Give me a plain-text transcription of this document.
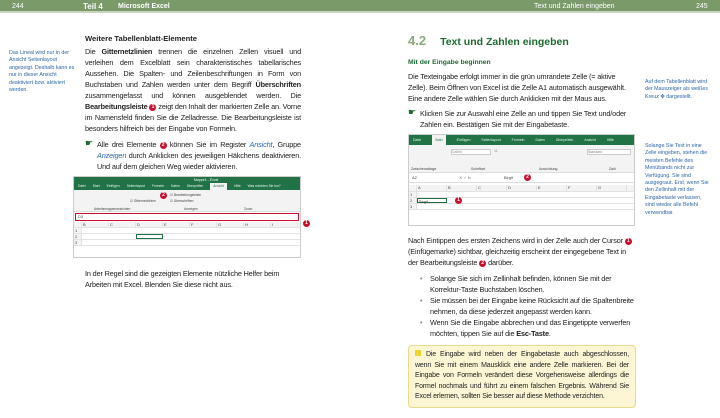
244	Teil 4 Microsoft Excel	Text und Zahlen eingeben	245
Das Lineal wird nur in der Ansicht Seitenlayout angezeigt. Deshalb kann es nur in dieser Ansicht deaktiviert bzw. aktiviert werden.
Weitere Tabellenblatt-Elemente
Die Gitternetzlinien trennen die einzelnen Zellen visuell und verleihen dem Excelblatt sein charakteristisches tabellarisches Aussehen. Die Spalten- und Zeilenbeschriftungen in Form von Buchstaben und Zahlen werden unter dem Begriff Überschriften zusammengefasst und können ausgeblendet werden. Die Bearbeitungsleiste 1 zeigt den Inhalt der markierten Zelle an. Vorne im Namensfeld finden Sie die Zelladresse. Die Bearbeitungsleiste ist besonders hilfreich bei der Eingabe von Formeln.
☛ Alle drei Elemente 2 können Sie im Register Ansicht, Gruppe Anzeigen durch Anklicken des jeweiligen Häkchens deaktivieren. Und auf dem gleichen Weg wieder aktivieren.
Mappe1 - Excel
Datei Start Einfügen Seitenlayout Formeln Daten Überprüfen	Ansicht	Hilfe Was möchten Sie tun?
☑ Bearbeitungsleiste
☑ Gitternetzlinien	☑ Überschriften
2
Arbeitsmappenansichten	Anzeigen	Zoom
D3
B	C	D	E	F	G	H	I
1
2
3
1
In der Regel sind die gezeigten Elemente nützliche Helfer beim Arbeiten mit Excel. Blenden Sie diese nicht aus.
Auf dem Tabellenblatt wird der Mauszeiger als weißes Kreuz ✥ dargestellt.
Solange Sie Text in eine Zelle eingeben, stehen die meisten Befehle des Menübands nicht zur Verfügung. Sie sind ausgegraut. Erst, wenn Sie den Zellinhalt mit der Eingabetaste verlassen, sind wieder alle Befehl verwendbar.
4.2 Text und Zahlen eingeben
Mit der Eingabe beginnen
Die Texteingabe erfolgt immer in die grün umrandete Zelle (= aktive Zelle). Beim Öffnen von Excel ist die Zelle A1 automatisch ausgewählt. Eine andere Zelle wählen Sie durch Anklicken mit der Maus aus.
☛ Klicken Sie zur Auswahl eine Zelle an und tippen Sie Text und/oder Zahlen ein. Bestätigen Sie mit der Eingabetaste.
Datei	Start	Einfügen	Seitenlayout	Formeln	Daten	Überprüfen	Ansicht	Hilfe
Calibri	11	Standard
Zwischenablage	Schriftart	Ausrichtung	Zahl
A2	✕ ✓ fx	Birgit	2
A	B	C	D	E	F	G
1
2	Birgit	1
3
Nach Eintippen des ersten Zeichens wird in der Zelle auch der Cursor 1 (Einfügemarke) sichtbar, gleichzeitig erscheint der eingegebene Text in der Bearbeitungsleiste 2 darüber.
• Solange Sie sich im Zellinhalt befinden, können Sie mit der Korrektur-Taste Buchstaben löschen.
• Sie müssen bei der Eingabe keine Rücksicht auf die Spaltenbreite nehmen, da diese jederzeit angepasst werden kann.
• Wenn Sie die Eingabe abbrechen und das Eingetippte verwerfen möchten, tippen Sie auf die Esc-Taste.
Die Eingabe wird neben der Eingabetaste auch abgeschlossen, wenn Sie mit einem Mausklick eine andere Zelle markieren. Bei der Eingabe von Formeln verändert diese Vorgehensweise allerdings die Formel nochmals und führt zu einem falschen Ergebnis. Während Sie Excel erlernen, sollten Sie besser auf diese Methode verzichten.
